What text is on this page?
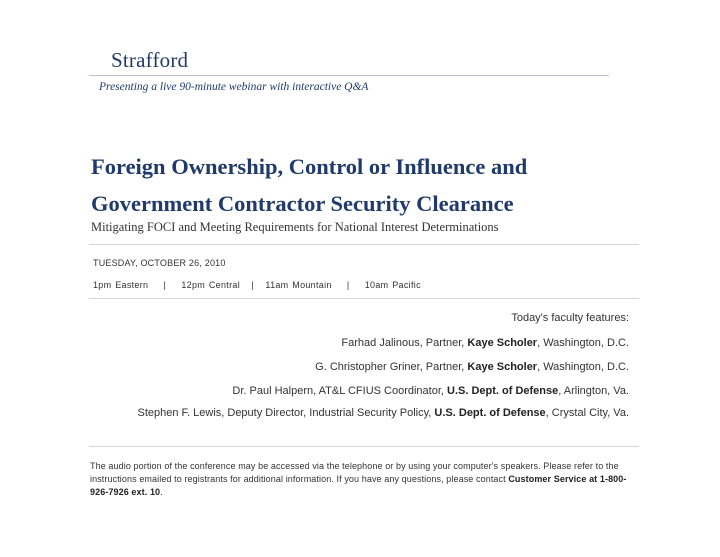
Strafford
Presenting a live 90-minute webinar with interactive Q&A
Foreign Ownership, Control or Influence and
Government Contractor Security Clearance
Mitigating FOCI and Meeting Requirements for National Interest Determinations
TUESDAY, OCTOBER 26, 2010
1pm Eastern    |    12pm Central   |   11am Mountain    |    10am Pacific
Today's faculty features:
Farhad Jalinous, Partner, Kaye Scholer, Washington, D.C.
G. Christopher Griner, Partner, Kaye Scholer, Washington, D.C.
Dr. Paul Halpern, AT&L CFIUS Coordinator, U.S. Dept. of Defense, Arlington, Va.
Stephen F. Lewis, Deputy Director, Industrial Security Policy, U.S. Dept. of Defense, Crystal City, Va.
The audio portion of the conference may be accessed via the telephone or by using your computer's speakers. Please refer to the instructions emailed to registrants for additional information. If you have any questions, please contact Customer Service at 1-800-926-7926 ext. 10.
